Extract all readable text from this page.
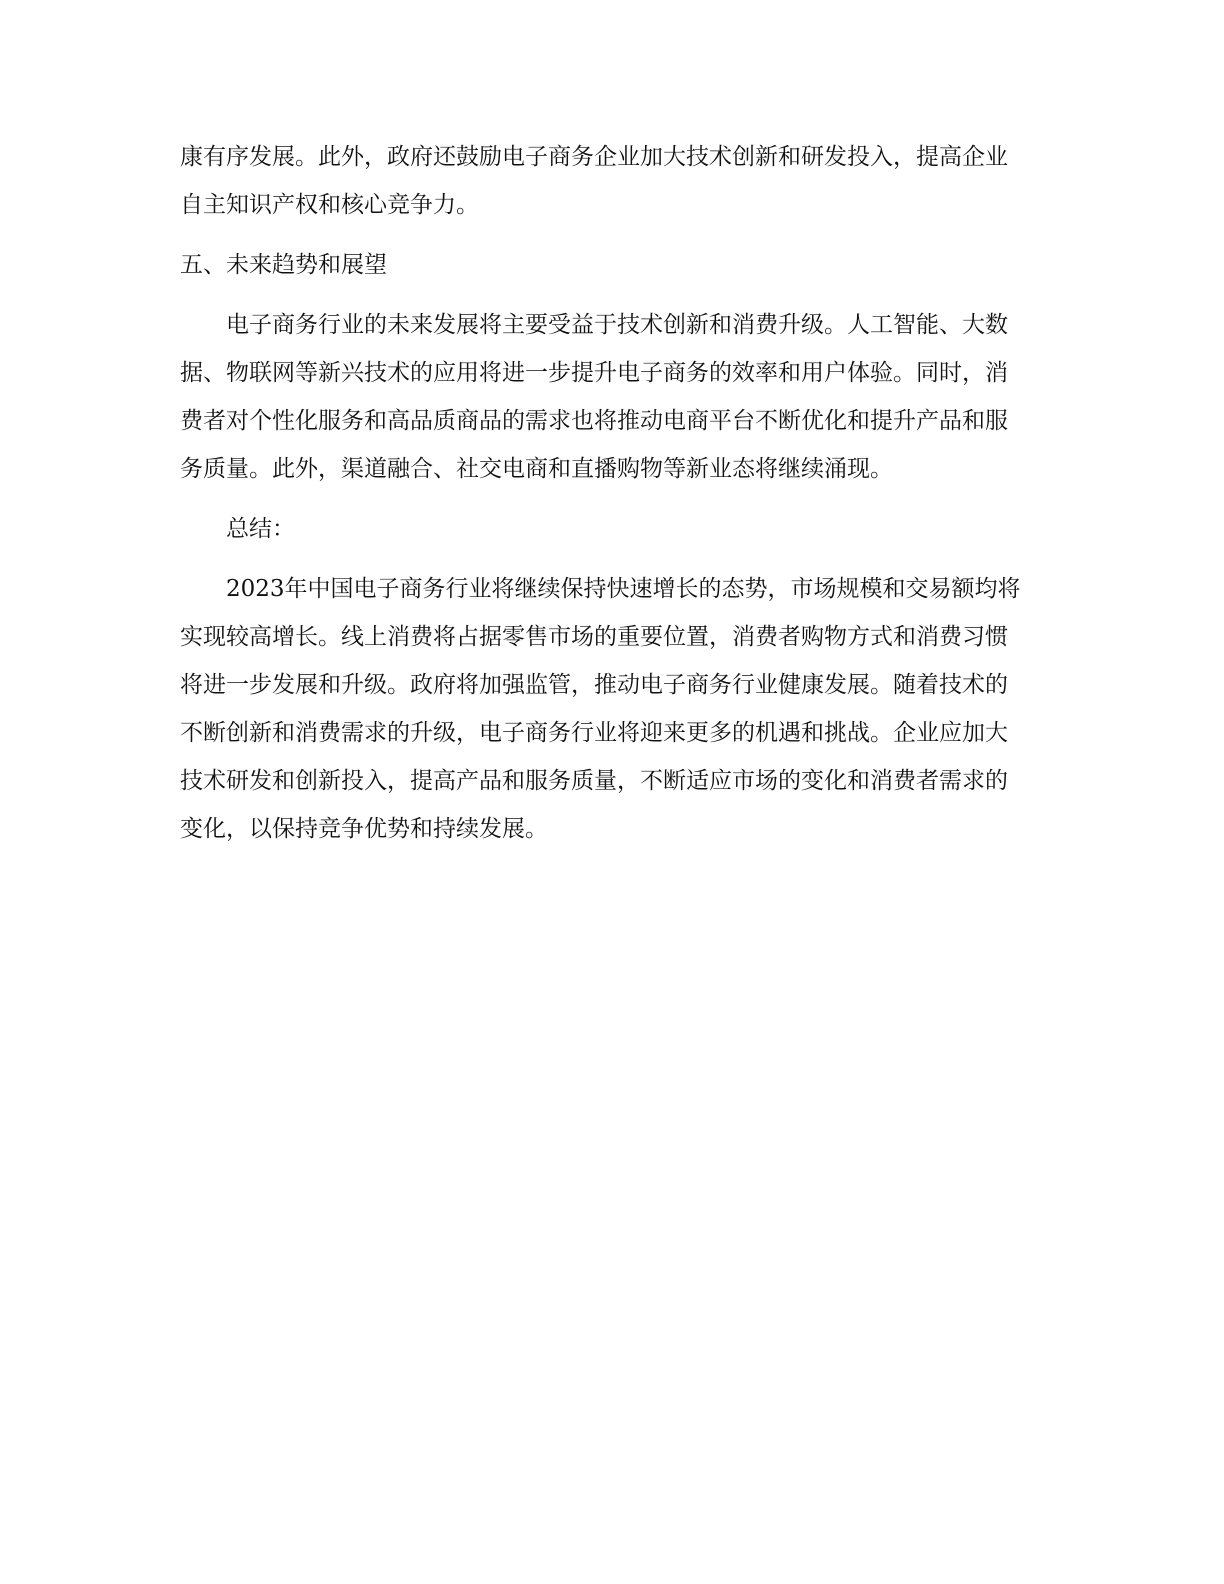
康有序发展。此外，政府还鼓励电子商务企业加大技术创新和研发投入，提高企业
自主知识产权和核心竞争力。

五、未来趋势和展望

电子商务行业的未来发展将主要受益于技术创新和消费升级。人工智能、大数
据、物联网等新兴技术的应用将进一步提升电子商务的效率和用户体验。同时，消
费者对个性化服务和高品质商品的需求也将推动电商平台不断优化和提升产品和服
务质量。此外，渠道融合、社交电商和直播购物等新业态将继续涌现。

总结：

2023年中国电子商务行业将继续保持快速增长的态势，市场规模和交易额均将
实现较高增长。线上消费将占据零售市场的重要位置，消费者购物方式和消费习惯
将进一步发展和升级。政府将加强监管，推动电子商务行业健康发展。随着技术的
不断创新和消费需求的升级，电子商务行业将迎来更多的机遇和挑战。企业应加大
技术研发和创新投入，提高产品和服务质量，不断适应市场的变化和消费者需求的
变化，以保持竞争优势和持续发展。
